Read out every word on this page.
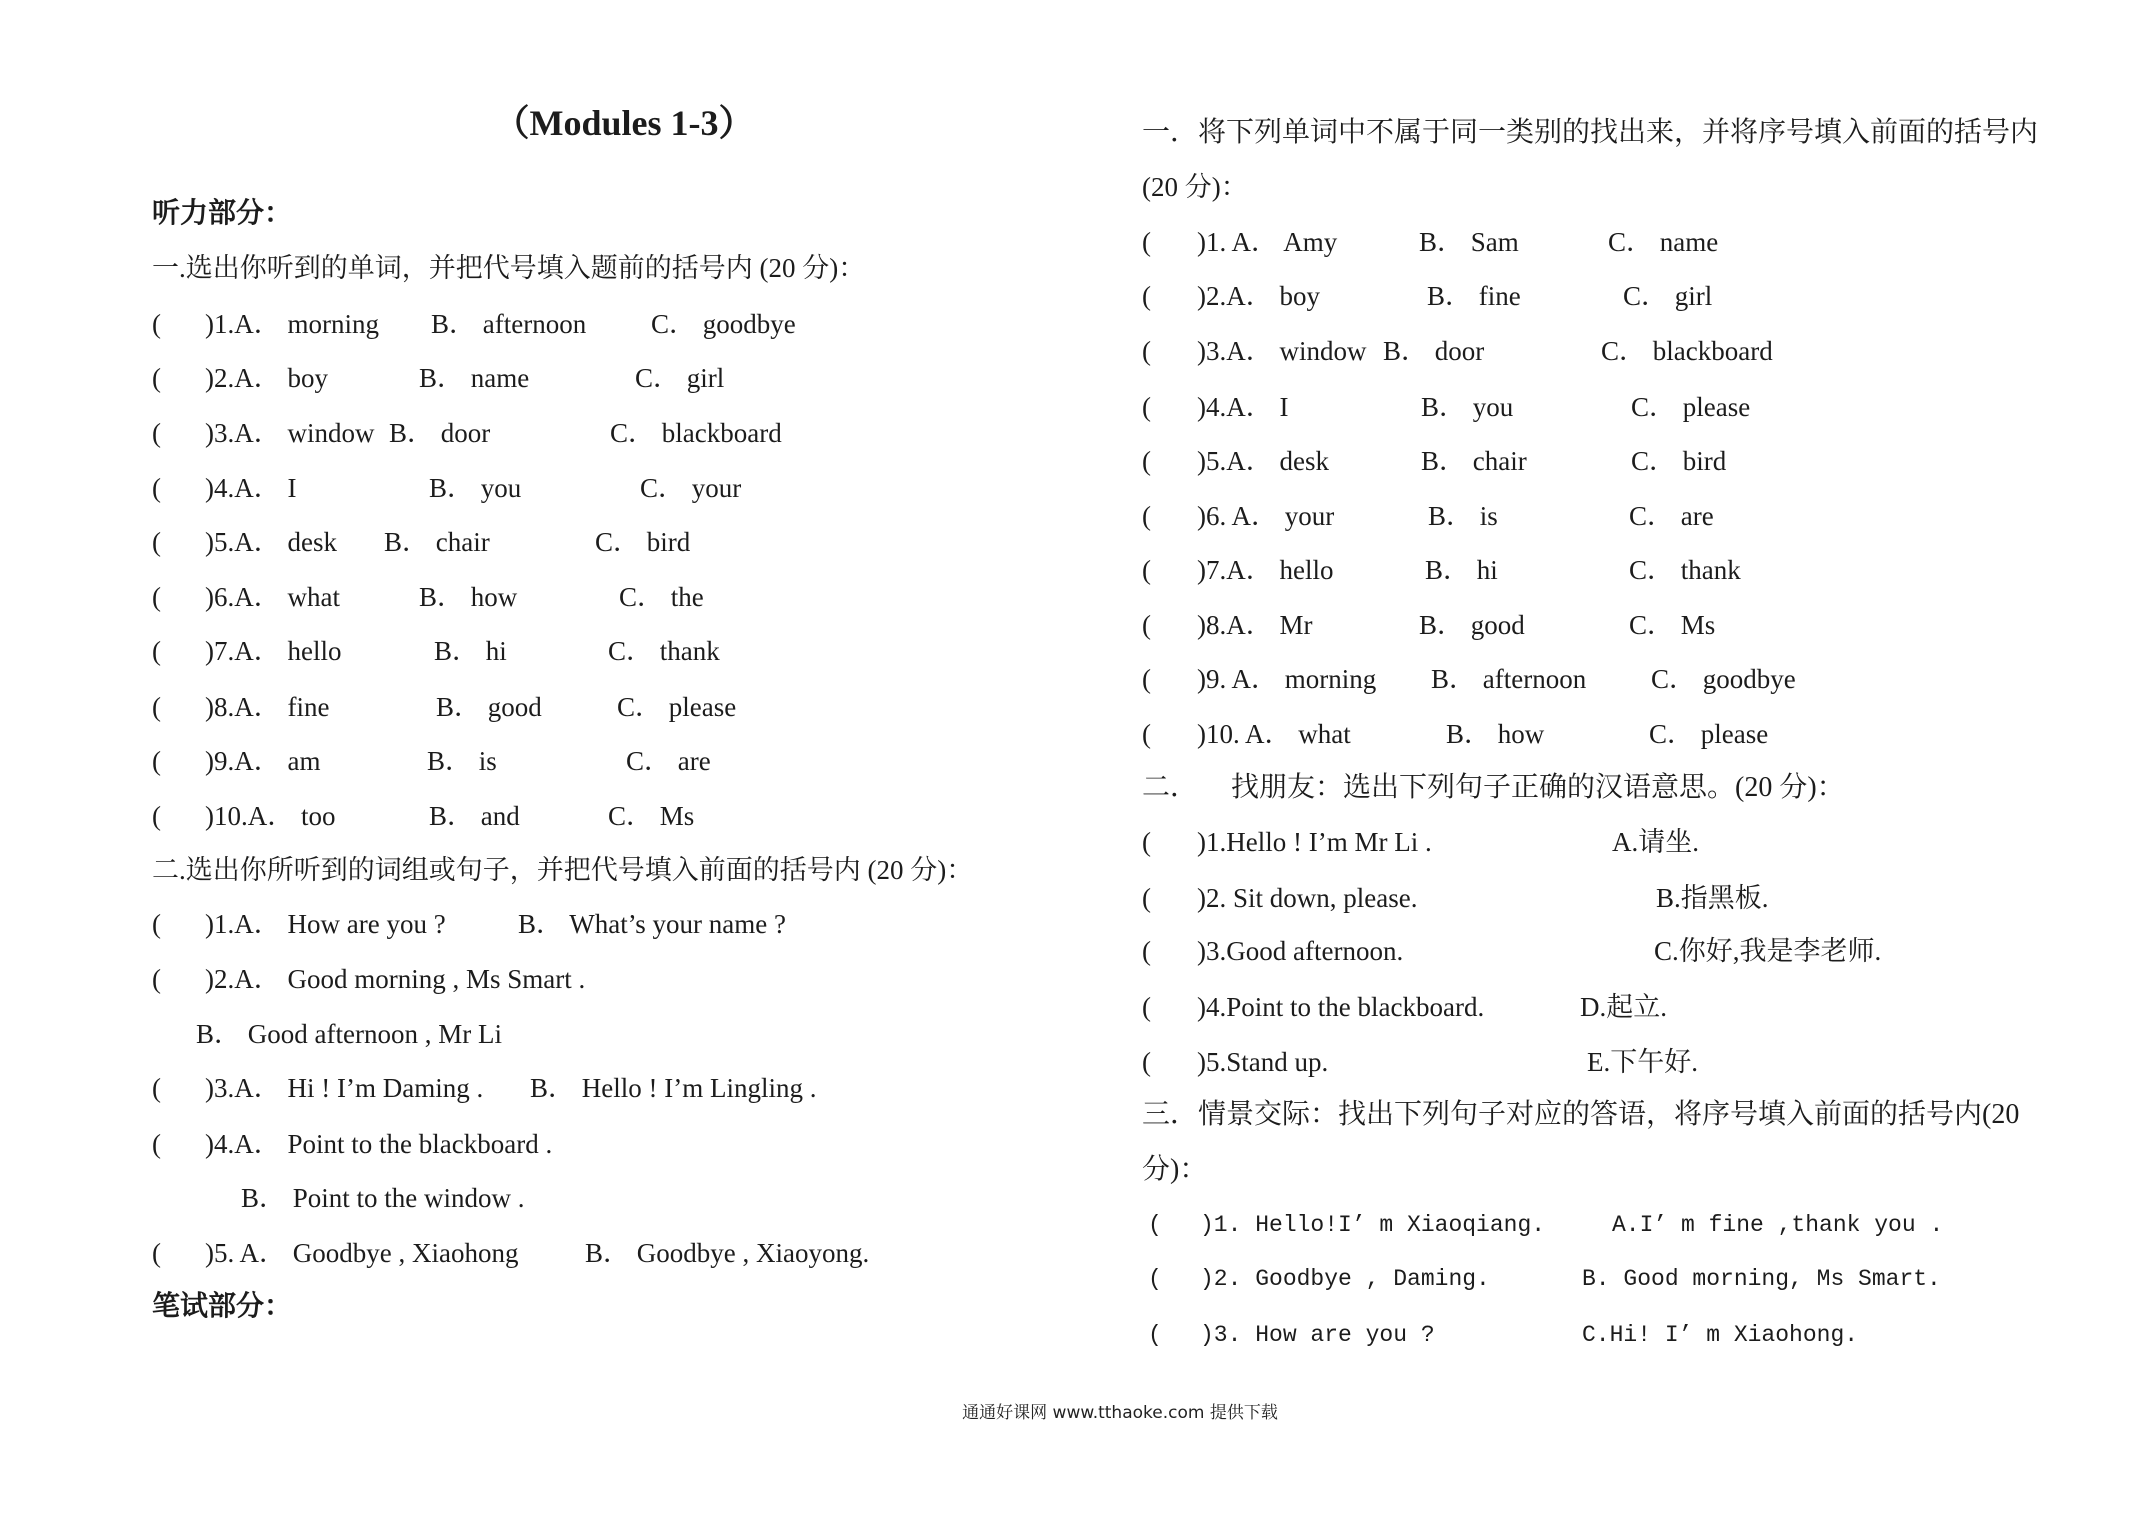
（Modules 1-3）
听力部分：
一.选出你听到的单词，并把代号填入题前的括号内 (20 分)：
( )1.A． morning B． afternoon C． goodbye
( )2.A． boy	B． name	C． girl
( )3.A． window B． door	C． blackboard
( )4.A． I	B． you	C． your
( )5.A． desk B． chair	C． bird
( )6.A． what	B． how	C． the
( )7.A． hello	B． hi	C． thank
( )8.A． fine	B． good	C． please
( )9.A． am	B． is	C． are
( )10.A． too	B． and	C． Ms
二.选出你所听到的词组或句子，并把代号填入前面的括号内 (20 分)：
( )1.A． How are you ?	B． What’s your name ?
( )2.A． Good morning , Ms Smart .
B． Good afternoon , Mr Li
( )3.A． Hi ! I’m Daming . B． Hello ! I’m Lingling .
( )4.A． Point to the blackboard .
B． Point to the window .
( )5. A． Goodbye , Xiaohong B． Goodbye , Xiaoyong.
笔试部分：
一．将下列单词中不属于同一类别的找出来，并将序号填入前面的括号内
(20 分)：
( )1. A． Amy	B． Sam	C． name
( )2.A． boy	B． fine	C． girl
( )3.A． window B． door	C． blackboard
( )4.A． I	B． you	C． please
( )5.A． desk	B． chair	C． bird
( )6. A． your	B． is	C． are
( )7.A． hello	B． hi	C． thank
( )8.A． Mr	B． good	C． Ms
( )9. A． morning B． afternoon C． goodbye
( )10. A． what	B． how	C． please
二． 找朋友：选出下列句子正确的汉语意思。(20 分)：
( )1.Hello ! I’m Mr Li .	A.请坐.
( )2. Sit down, please.	B.指黑板.
( )3.Good afternoon.	C.你好,我是李老师.
( )4.Point to the blackboard.	D.起立.
( )5.Stand up.	E.下午好.
三．情景交际：找出下列句子对应的答语，将序号填入前面的括号内(20
分)：
( )1. Hello!I’ m Xiaoqiang.	A.I’ m fine ,thank you .
( )2. Goodbye , Daming.	B. Good morning, Ms Smart.
( )3. How are you ?	C.Hi! I’ m Xiaohong.
通通好课网 www.tthaoke.com 提供下载
